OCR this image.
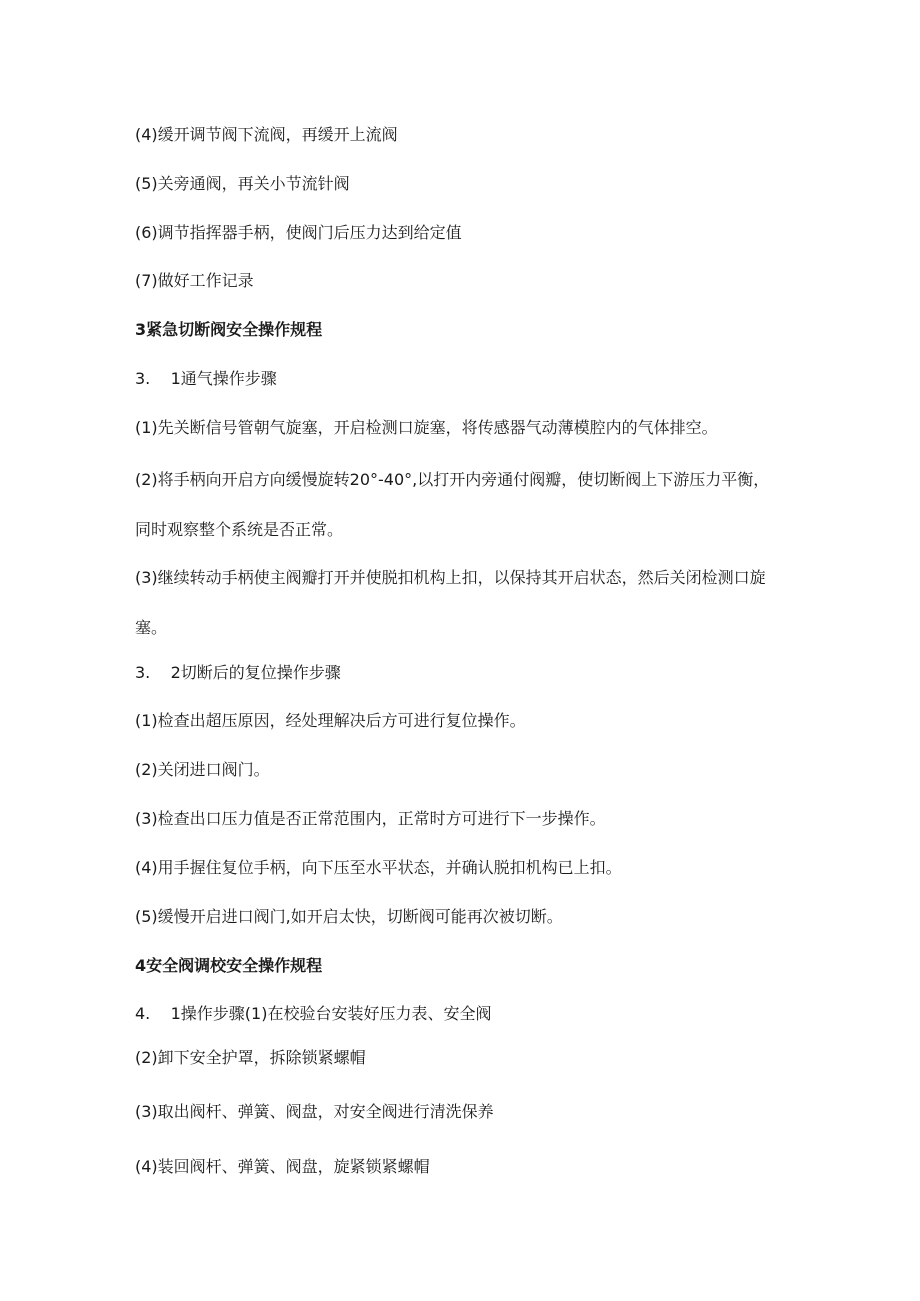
(4)缓开调节阀下流阀，再缓开上流阀
(5)关旁通阀，再关小节流针阀
(6)调节指挥器手柄，使阀门后压力达到给定值
(7)做好工作记录
3紧急切断阀安全操作规程
3.    1通气操作步骤
(1)先关断信号管朝气旋塞，开启检测口旋塞，将传感器气动薄模腔内的气体排空。
(2)将手柄向开启方向缓慢旋转20°-40°,以打开内旁通付阀瓣，使切断阀上下游压力平衡，同时观察整个系统是否正常。
(3)继续转动手柄使主阀瓣打开并使脱扣机构上扣，以保持其开启状态，然后关闭检测口旋塞。
3.    2切断后的复位操作步骤
(1)检查出超压原因，经处理解决后方可进行复位操作。
(2)关闭进口阀门。
(3)检查出口压力值是否正常范围内，正常时方可进行下一步操作。
(4)用手握住复位手柄，向下压至水平状态，并确认脱扣机构已上扣。
(5)缓慢开启进口阀门,如开启太快，切断阀可能再次被切断。
4安全阀调校安全操作规程
4.    1操作步骤(1)在校验台安装好压力表、安全阀
(2)卸下安全护罩，拆除锁紧螺帽
(3)取出阀杆、弹簧、阀盘，对安全阀进行清洗保养
(4)装回阀杆、弹簧、阀盘，旋紧锁紧螺帽
